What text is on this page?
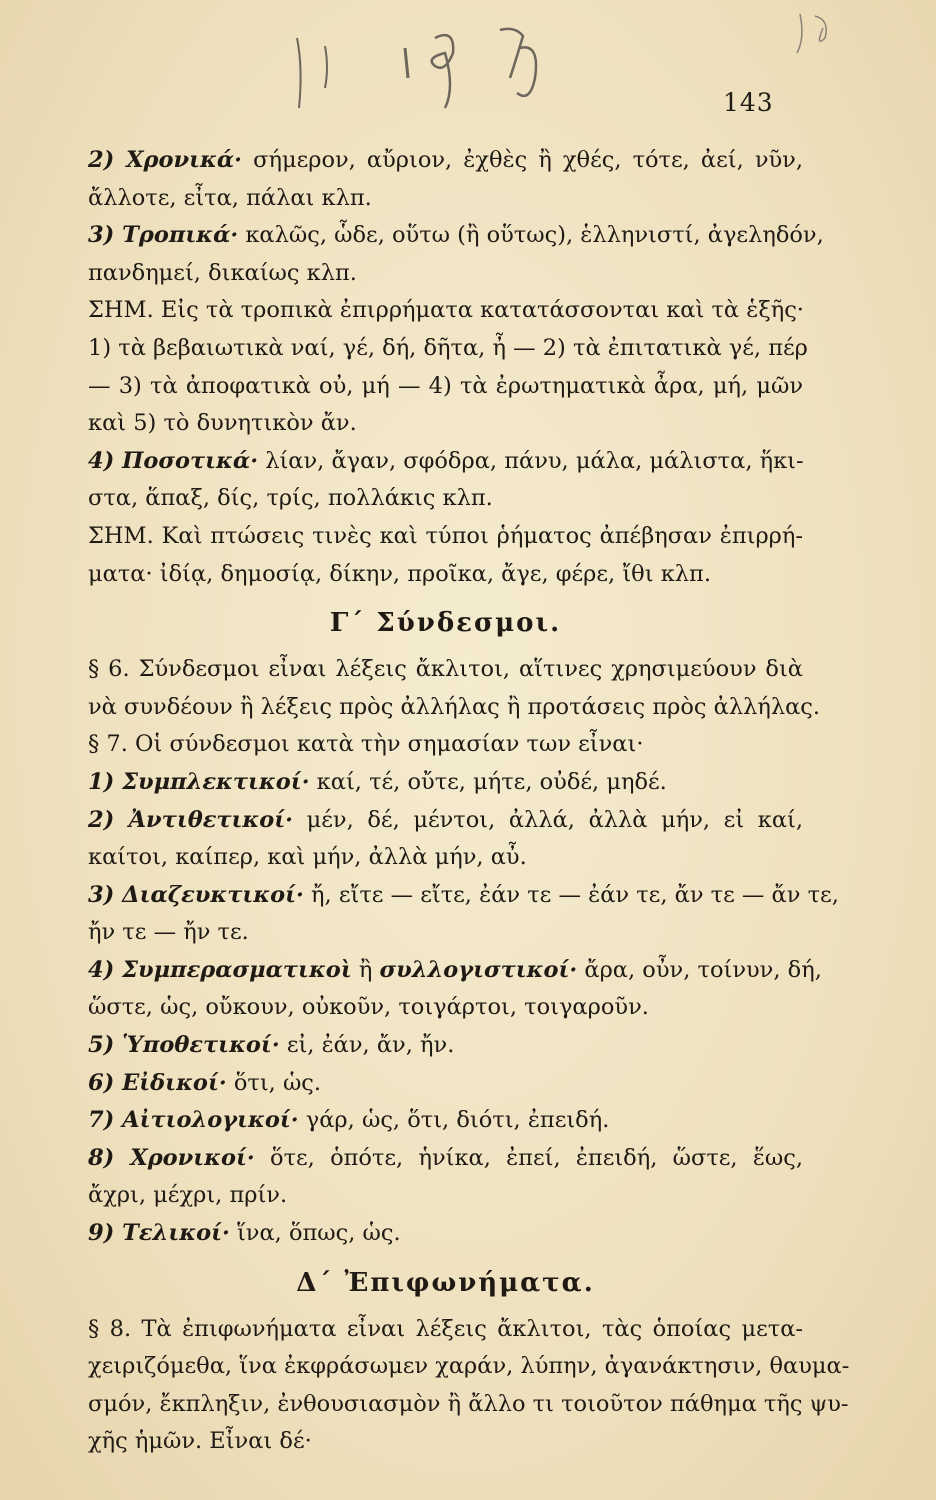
143
2) Χρονικά· σήμερον, αὔριον, ἐχθὲς ἢ χθές, τότε, ἀεί, νῦν,
ἄλλοτε, εἶτα, πάλαι κλπ.
3) Τροπικά· καλῶς, ὧδε, οὕτω (ἢ οὕτως), ἑλληνιστί, ἀγεληδόν,
πανδημεί, δικαίως κλπ.
ΣΗΜ. Εἰς τὰ τροπικὰ ἐπιρρήματα κατατάσσονται καὶ τὰ ἑξῆς·
1) τὰ βεβαιωτικὰ ναί, γέ, δή, δῆτα, ἦ — 2) τὰ ἐπιτατικὰ γέ, πέρ
— 3) τὰ ἀποφατικὰ οὐ, μή — 4) τὰ ἐρωτηματικὰ ἆρα, μή, μῶν
καὶ 5) τὸ δυνητικὸν ἄν.
4) Ποσοτικά· λίαν, ἄγαν, σφόδρα, πάνυ, μάλα, μάλιστα, ἥκι-
στα, ἅπαξ, δίς, τρίς, πολλάκις κλπ.
ΣΗΜ. Καὶ πτώσεις τινὲς καὶ τύποι ῥήματος ἀπέβησαν ἐπιρρή-
ματα· ἰδίᾳ, δημοσίᾳ, δίκην, προῖκα, ἄγε, φέρε, ἴθι κλπ.
Γ΄ Σύνδεσμοι.
§ 6. Σύνδεσμοι εἶναι λέξεις ἄκλιτοι, αἵτινες χρησιμεύουν διὰ
νὰ συνδέουν ἢ λέξεις πρὸς ἀλλήλας ἢ προτάσεις πρὸς ἀλλήλας.
§ 7. Οἱ σύνδεσμοι κατὰ τὴν σημασίαν των εἶναι·
1) Συμπλεκτικοί· καί, τέ, οὔτε, μήτε, οὐδέ, μηδέ.
2) Ἀντιθετικοί· μέν, δέ, μέντοι, ἀλλά, ἀλλὰ μήν, εἰ καί,
καίτοι, καίπερ, καὶ μήν, ἀλλὰ μήν, αὖ.
3) Διαζευκτικοί· ἤ, εἴτε — εἴτε, ἐάν τε — ἐάν τε, ἄν τε — ἄν τε,
ἤν τε — ἤν τε.
4) Συμπερασματικοὶ ἢ συλλογιστικοί· ἄρα, οὖν, τοίνυν, δή,
ὥστε, ὡς, οὔκουν, οὐκοῦν, τοιγάρτοι, τοιγαροῦν.
5) Ὑποθετικοί· εἰ, ἐάν, ἄν, ἤν.
6) Εἰδικοί· ὅτι, ὡς.
7) Αἰτιολογικοί· γάρ, ὡς, ὅτι, διότι, ἐπειδή.
8) Χρονικοί· ὅτε, ὁπότε, ἡνίκα, ἐπεί, ἐπειδή, ὥστε, ἕως,
ἄχρι, μέχρι, πρίν.
9) Τελικοί· ἵνα, ὅπως, ὡς.
Δ΄ Ἐπιφωνήματα.
§ 8. Τὰ ἐπιφωνήματα εἶναι λέξεις ἄκλιτοι, τὰς ὁποίας μετα-
χειριζόμεθα, ἵνα ἐκφράσωμεν χαράν, λύπην, ἀγανάκτησιν, θαυμα-
σμόν, ἔκπληξιν, ἐνθουσιασμὸν ἢ ἄλλο τι τοιοῦτον πάθημα τῆς ψυ-
χῆς ἡμῶν. Εἶναι δέ·
